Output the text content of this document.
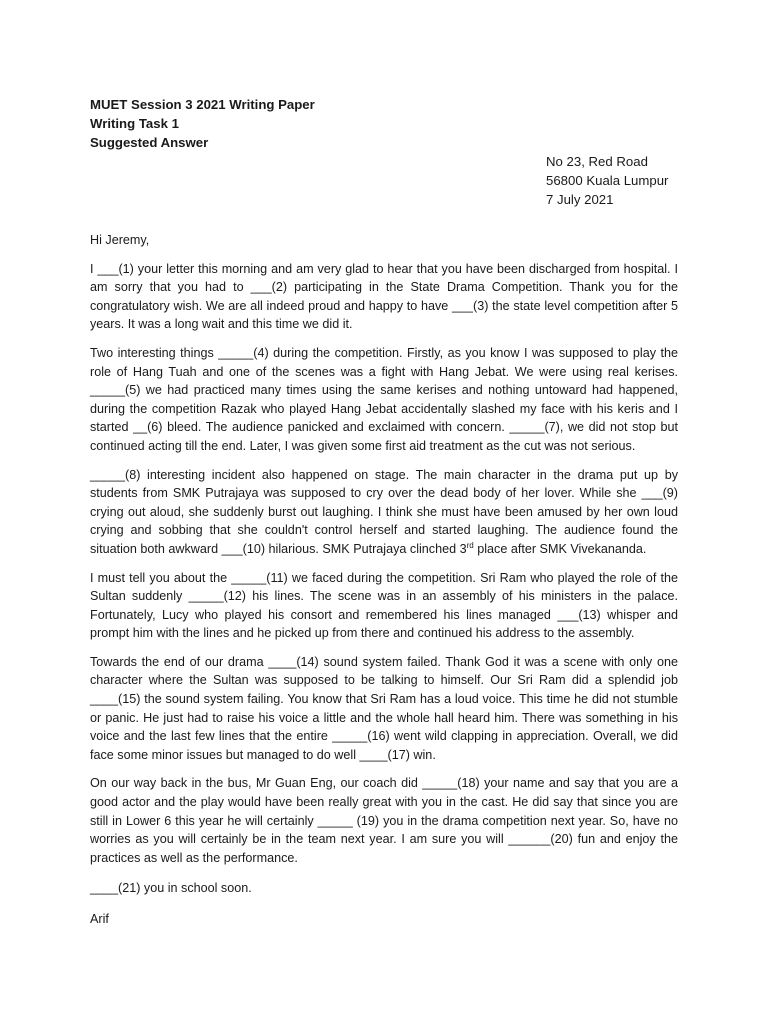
MUET Session 3 2021 Writing Paper
Writing Task 1
Suggested Answer
No 23, Red Road
56800 Kuala Lumpur
7 July 2021
Hi Jeremy,

I ___(1) your letter this morning and am very glad to hear that you have been discharged from hospital. I am sorry that you had to ___(2) participating in the State Drama Competition. Thank you for the congratulatory wish. We are all indeed proud and happy to have ___(3) the state level competition after 5 years. It was a long wait and this time we did it.

Two interesting things _____(4) during the competition. Firstly, as you know I was supposed to play the role of Hang Tuah and one of the scenes was a fight with Hang Jebat. We were using real kerises. _____(5) we had practiced many times using the same kerises and nothing untoward had happened, during the competition Razak who played Hang Jebat accidentally slashed my face with his keris and I started __(6) bleed. The audience panicked and exclaimed with concern. _____(7), we did not stop but continued acting till the end. Later, I was given some first aid treatment as the cut was not serious.

_____(8) interesting incident also happened on stage. The main character in the drama put up by students from SMK Putrajaya was supposed to cry over the dead body of her lover. While she ___(9) crying out aloud, she suddenly burst out laughing. I think she must have been amused by her own loud crying and sobbing that she couldn't control herself and started laughing. The audience found the situation both awkward ___(10) hilarious. SMK Putrajaya clinched 3rd place after SMK Vivekananda.

I must tell you about the _____(11) we faced during the competition. Sri Ram who played the role of the Sultan suddenly _____(12) his lines. The scene was in an assembly of his ministers in the palace. Fortunately, Lucy who played his consort and remembered his lines managed ___(13) whisper and prompt him with the lines and he picked up from there and continued his address to the assembly.

Towards the end of our drama ____(14) sound system failed. Thank God it was a scene with only one character where the Sultan was supposed to be talking to himself. Our Sri Ram did a splendid job ____(15) the sound system failing. You know that Sri Ram has a loud voice. This time he did not stumble or panic. He just had to raise his voice a little and the whole hall heard him. There was something in his voice and the last few lines that the entire _____(16) went wild clapping in appreciation. Overall, we did face some minor issues but managed to do well ____(17) win.

On our way back in the bus, Mr Guan Eng, our coach did _____(18) your name and say that you are a good actor and the play would have been really great with you in the cast. He did say that since you are still in Lower 6 this year he will certainly _____ (19) you in the drama competition next year. So, have no worries as you will certainly be in the team next year. I am sure you will ______(20) fun and enjoy the practices as well as the performance.

____(21) you in school soon.
Arif
